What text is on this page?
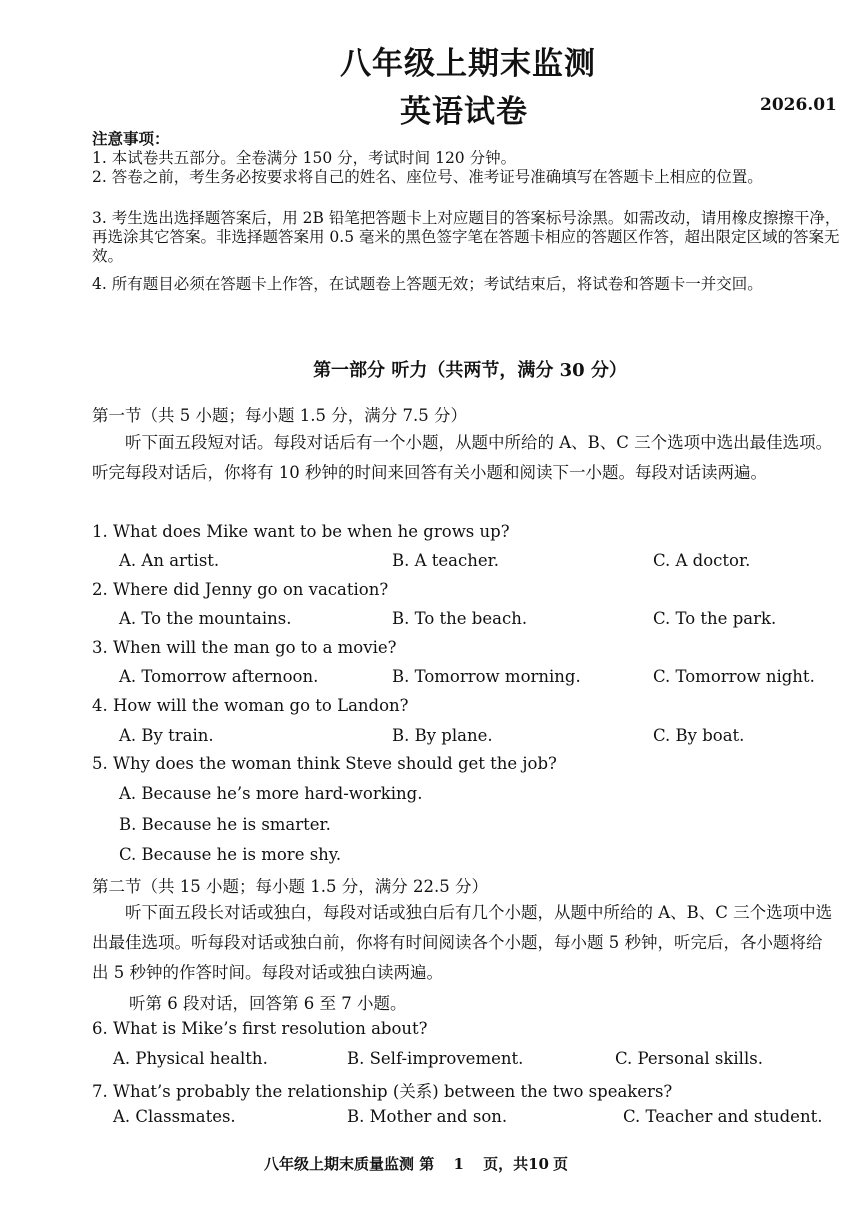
八年级上期末监测
英语试卷	2026.01
注意事项：
1. 本试卷共五部分。全卷满分 150 分，考试时间 120 分钟。
2. 答卷之前，考生务必按要求将自己的姓名、座位号、准考证号准确填写在答题卡上相应的位置。
3. 考生选出选择题答案后，用 2B 铅笔把答题卡上对应题目的答案标号涂黑。如需改动，请用橡皮擦擦干净，再选涂其它答案。非选择题答案用 0.5 毫米的黑色签字笔在答题卡相应的答题区作答，超出限定区域的答案无效。
4. 所有题目必须在答题卡上作答，在试题卷上答题无效；考试结束后，将试卷和答题卡一并交回。
第一部分 听力（共两节，满分 30 分）
第一节（共 5 小题；每小题 1.5 分，满分 7.5 分）
听下面五段短对话。每段对话后有一个小题，从题中所给的 A、B、C 三个选项中选出最佳选项。听完每段对话后，你将有 10 秒钟的时间来回答有关小题和阅读下一小题。每段对话读两遍。
1. What does Mike want to be when he grows up?
A. An artist.	B. A teacher.	C. A doctor.
2. Where did Jenny go on vacation?
A. To the mountains.	B. To the beach.	C. To the park.
3. When will the man go to a movie?
A. Tomorrow afternoon.	B. Tomorrow morning.	C. Tomorrow night.
4. How will the woman go to Landon?
A. By train.	B. By plane.	C. By boat.
5. Why does the woman think Steve should get the job?
A. Because he’s more hard-working.
B. Because he is smarter.
C. Because he is more shy.
第二节（共 15 小题；每小题 1.5 分，满分 22.5 分）
听下面五段长对话或独白，每段对话或独白后有几个小题，从题中所给的 A、B、C 三个选项中选出最佳选项。听每段对话或独白前，你将有时间阅读各个小题，每小题 5 秒钟，听完后，各小题将给出 5 秒钟的作答时间。每段对话或独白读两遍。
听第 6 段对话，回答第 6 至 7 小题。
6. What is Mike’s first resolution about?
A. Physical health.	B. Self-improvement.	C. Personal skills.
7. What’s probably the relationship (关系) between the two speakers?
A. Classmates.	B. Mother and son.	C. Teacher and student.
八年级上期末质量监测 第 1 页，共10 页
